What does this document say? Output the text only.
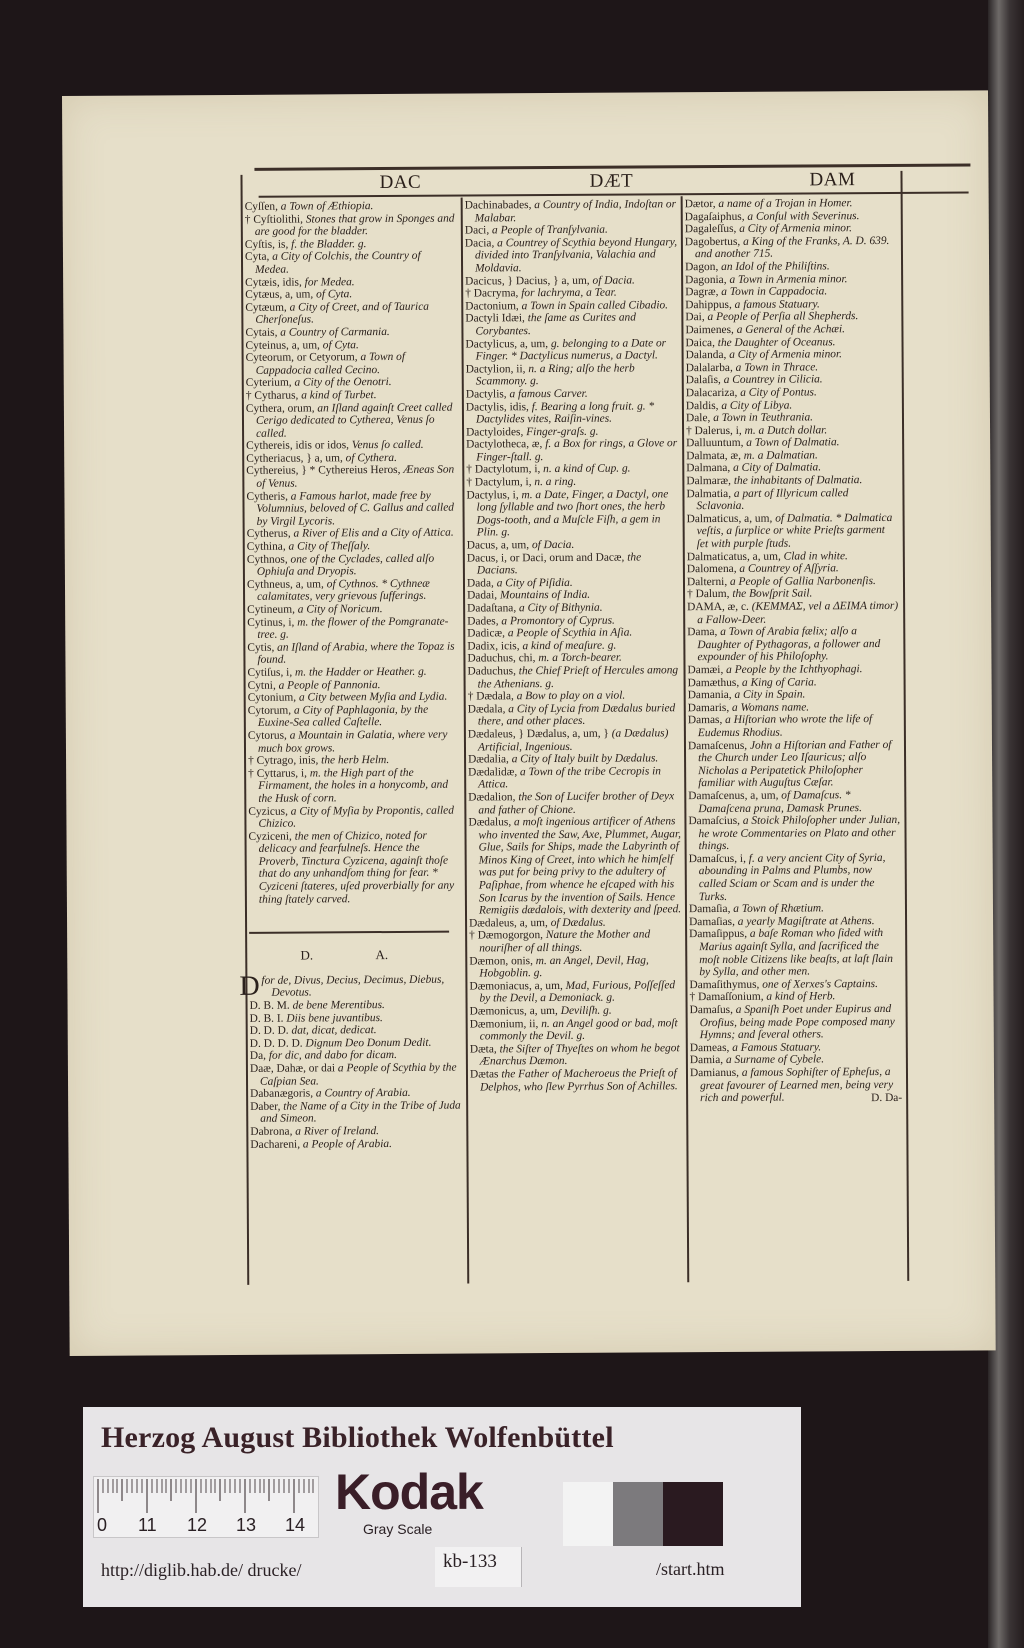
DAC	DÆT	DAM

Cyſſen, a Town of Æthiopia.

† Cyſtiolithi, Stones that grow in Sponges and are good for the bladder.

Cyſtis, is, f. the Bladder. g.

Cyta, a City of Colchis, the Country of Medea.

Cytæis, idis, for Medea.

Cytæus, a, um, of Cyta.

Cytæum, a City of Creet, and of Taurica Cherſoneſus.

Cytais, a Country of Carmania.

Cyteinus, a, um, of Cyta.

Cyteorum, or Cetyorum, a Town of Cappadocia called Cecino.

Cyterium, a City of the Oenotri.

† Cytharus, a kind of Turbet.

Cythera, orum, an Iſland againſt Creet called Cerigo dedicated to Cytherea, Venus ſo called.

Cythereis, idis or idos, Venus ſo called.

Cytheriacus, } a, um, of Cythera.

Cythereius, } * Cythereius Heros, Æneas Son of Venus.

Cytheris, a Famous harlot, made free by Volumnius, beloved of C. Gallus and called by Virgil Lycoris.

Cytherus, a River of Elis and a City of Attica.

Cythina, a City of Theſſaly.

Cythnos, one of the Cyclades, called alſo Ophiuſa and Dryopis.

Cythneus, a, um, of Cythnos. * Cythneæ calamitates, very grievous ſufferings.

Cytineum, a City of Noricum.

Cytinus, i, m. the flower of the Pomgranate-tree. g.

Cytis, an Iſland of Arabia, where the Topaz is found.

Cytiſus, i, m. the Hadder or Heather. g.

Cytni, a People of Pannonia.

Cytonium, a City between Myſia and Lydia.

Cytorum, a City of Paphlagonia, by the Euxine-Sea called Caſtelle.

Cytorus, a Mountain in Galatia, where very much box grows.

† Cytrago, inis, the herb Helm.

† Cyttarus, i, m. the High part of the Firmament, the holes in a honycomb, and the Husk of corn.

Cyzicus, a City of Myſia by Propontis, called Chizico.

Cyziceni, the men of Chizico, noted for delicacy and fearfulneſs. Hence the Proverb, Tinctura Cyzicena, againſt thoſe that do any unhandſom thing for fear. * Cyziceni ſtateres, uſed proverbially for any thing ſtately carved.

D.	A.

D for de, Divus, Decius, Decimus, Diebus, Devotus.

D. B. M. de bene Merentibus.

D. B. I. Diis bene juvantibus.

D. D. D. dat, dicat, dedicat.

D. D. D. D. Dignum Deo Donum Dedit.

Da, for dic, and dabo for dicam.

Daæ, Dahæ, or dai a People of Scythia by the Caſpian Sea.

Dabanægoris, a Country of Arabia.

Daber, the Name of a City in the Tribe of Juda and Simeon.

Dabrona, a River of Ireland.

Dachareni, a People of Arabia.

Dachinabades, a Country of India, Indoſtan or Malabar.

Daci, a People of Tranſylvania.

Dacia, a Countrey of Scythia beyond Hungary, divided into Tranſylvania, Valachia and Moldavia.

Dacicus, } Dacius, } a, um, of Dacia.

† Dacryma, for lachryma, a Tear.

Dactonium, a Town in Spain called Cibadio.

Dactyli Idæi, the ſame as Curites and Corybantes.

Dactylicus, a, um, g. belonging to a Date or Finger. * Dactylicus numerus, a Dactyl.

Dactylion, ii, n. a Ring; alſo the herb Scammony. g.

Dactylis, a famous Carver.

Dactylis, idis, f. Bearing a long fruit. g. * Dactylides vites, Raiſin-vines.

Dactyloides, Finger-graſs. g.

Dactylotheca, æ, f. a Box for rings, a Glove or Finger-ſtall. g.

† Dactylotum, i, n. a kind of Cup. g.

† Dactylum, i, n. a ring.

Dactylus, i, m. a Date, Finger, a Dactyl, one long ſyllable and two ſhort ones, the herb Dogs-tooth, and a Muſcle Fiſh, a gem in Plin. g.

Dacus, a, um, of Dacia.

Dacus, i, or Daci, orum and Dacæ, the Dacians.

Dada, a City of Piſidia.

Dadai, Mountains of India.

Dadaſtana, a City of Bithynia.

Dades, a Promontory of Cyprus.

Dadicæ, a People of Scythia in Aſia.

Dadix, icis, a kind of meaſure. g.

Daduchus, chi, m. a Torch-bearer.

Daduchus, the Chief Prieſt of Hercules among the Athenians. g.

† Dædala, a Bow to play on a viol.

Dædala, a City of Lycia from Dædalus buried there, and other places.

Dædaleus, } Dædalus, a, um, } (a Dædalus) Artificial, Ingenious.

Dædalia, a City of Italy built by Dædalus.

Dædalidæ, a Town of the tribe Cecropis in Attica.

Dædalion, the Son of Lucifer brother of Deyx and father of Chione.

Dædalus, a moſt ingenious artificer of Athens who invented the Saw, Axe, Plummet, Augar, Glue, Sails for Ships, made the Labyrinth of Minos King of Creet, into which he himſelf was put for being privy to the adultery of Paſiphae, from whence he eſcaped with his Son Icarus by the invention of Sails. Hence Remigiis dædalois, with dexterity and ſpeed.

Dædaleus, a, um, of Dædalus.

† Dæmogorgon, Nature the Mother and nouriſher of all things.

Dæmon, onis, m. an Angel, Devil, Hag, Hobgoblin. g.

Dæmoniacus, a, um, Mad, Furious, Poſſeſſed by the Devil, a Demoniack. g.

Dæmonicus, a, um, Deviliſh. g.

Dæmonium, ii, n. an Angel good or bad, moſt commonly the Devil. g.

Dæta, the Siſter of Thyeſtes on whom he begot Ænarchus Dæmon.

Dætas the Father of Macheroeus the Prieſt of Delphos, who ſlew Pyrrhus Son of Achilles.

Dætor, a name of a Trojan in Homer.

Dagaſaiphus, a Conſul with Severinus.

Dagaleſſus, a City of Armenia minor.

Dagobertus, a King of the Franks, A. D. 639. and another 715.

Dagon, an Idol of the Philiſtins.

Dagonia, a Town in Armenia minor.

Dagræ, a Town in Cappadocia.

Dahippus, a famous Statuary.

Dai, a People of Perſia all Shepherds.

Daimenes, a General of the Achæi.

Daica, the Daughter of Oceanus.

Dalanda, a City of Armenia minor.

Dalalarba, a Town in Thrace.

Dalaſis, a Countrey in Cilicia.

Dalacariza, a City of Pontus.

Daldis, a City of Libya.

Dale, a Town in Teuthrania.

† Dalerus, i, m. a Dutch dollar.

Dalluuntum, a Town of Dalmatia.

Dalmata, æ, m. a Dalmatian.

Dalmana, a City of Dalmatia.

Dalmaræ, the inhabitants of Dalmatia.

Dalmatia, a part of Illyricum called Sclavonia.

Dalmaticus, a, um, of Dalmatia. * Dalmatica veſtis, a ſurplice or white Prieſts garment ſet with purple ſtuds.

Dalmaticatus, a, um, Clad in white.

Dalomena, a Countrey of Aſſyria.

Dalterni, a People of Gallia Narbonenſis.

† Dalum, the Bowſprit Sail.

DAMA, æ, c. (ΚΕΜΜΑΣ, vel a ΔΕΙΜΑ timor) a Fallow-Deer.

Dama, a Town of Arabia fælix; alſo a Daughter of Pythagoras, a follower and expounder of his Philoſophy.

Damæi, a People by the Ichthyophagi.

Damæthus, a King of Caria.

Damania, a City in Spain.

Damaris, a Womans name.

Damas, a Hiſtorian who wrote the life of Eudemus Rhodius.

Damaſcenus, John a Hiſtorian and Father of the Church under Leo Iſauricus; alſo Nicholas a Peripatetick Philoſopher familiar with Auguſtus Cæſar.

Damaſcenus, a, um, of Damaſcus. * Damaſcena pruna, Damask Prunes.

Damaſcius, a Stoick Philoſopher under Julian, he wrote Commentaries on Plato and other things.

Damaſcus, i, f. a very ancient City of Syria, abounding in Palms and Plumbs, now called Sciam or Scam and is under the Turks.

Damaſia, a Town of Rhætium.

Damaſias, a yearly Magiſtrate at Athens.

Damaſippus, a baſe Roman who ſided with Marius againſt Sylla, and ſacrificed the moſt noble Citizens like beaſts, at laſt ſlain by Sylla, and other men.

Damaſithymus, one of Xerxes's Captains.

† Damaſſonium, a kind of Herb.

Damaſus, a Spaniſh Poet under Eupirus and Orofius, being made Pope composed many Hymns; and ſeveral others.

Dameas, a Famous Statuary.

Damia, a Surname of Cybele.

Damianus, a famous Sophiſter of Epheſus, a great favourer of Learned men, being very rich and powerful.	D. Da-
Herzog August Bibliothek Wolfenbüttel
0 11 12 13 14
Kodak
Gray Scale
kb-133
http://diglib.hab.de/ drucke/	/start.htm
